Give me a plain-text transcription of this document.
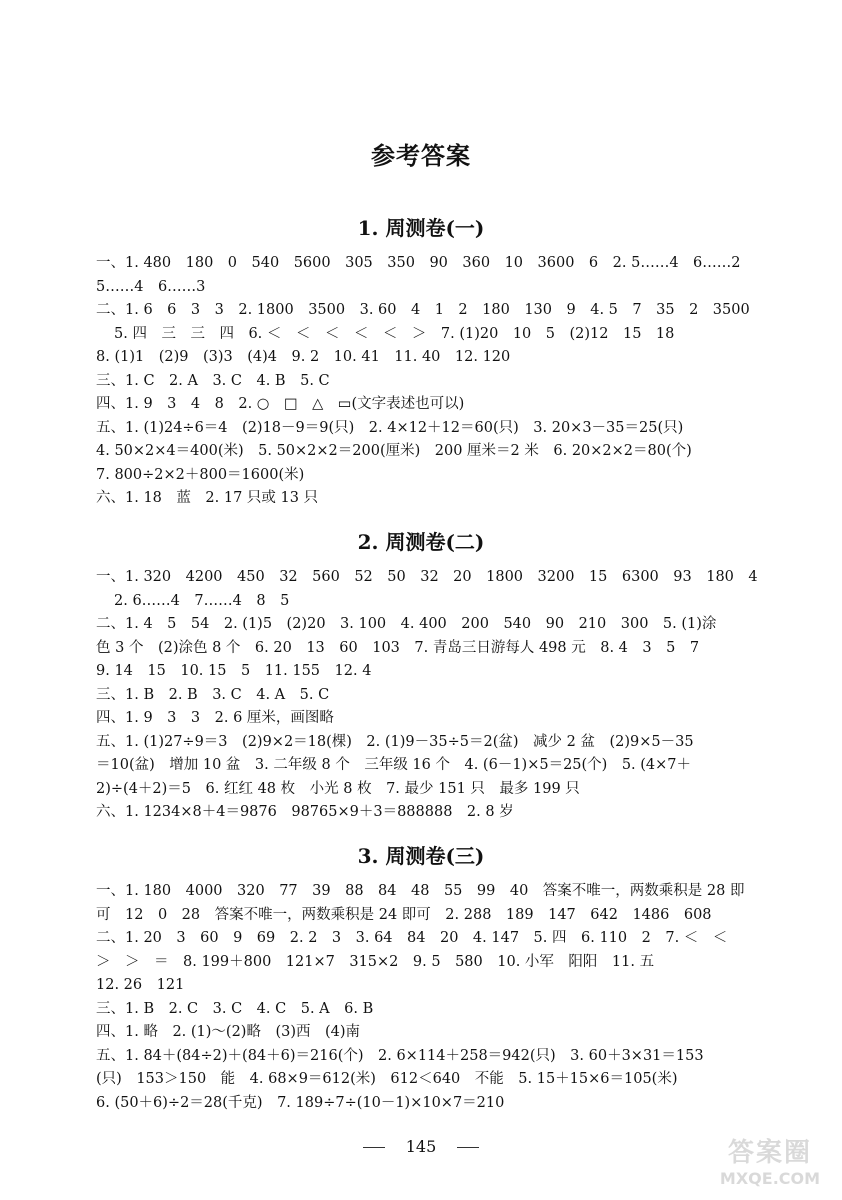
参考答案
1. 周测卷(一)
一、1. 480　180　0　540　5600　305　350　90　360　10　3600　6　2. 5……4　6……2
5……4　6……3
二、1. 6　6　3　3　2. 1800　3500　3. 60　4　1　2　180　130　9　4. 5　7　35　2　3500
5. 四　三　三　四　6. ＜　＜　＜　＜　＜　＞　7. (1)20　10　5　(2)12　15　18
8. (1)1　(2)9　(3)3　(4)4　9. 2　10. 41　11. 40　12. 120
三、1. C　2. A　3. C　4. B　5. C
四、1. 9　3　4　8　2. ○　□　△　▭(文字表述也可以)
五、1. (1)24÷6＝4　(2)18－9＝9(只)　2. 4×12＋12＝60(只)　3. 20×3－35＝25(只)
4. 50×2×4＝400(米)　5. 50×2×2＝200(厘米)　200 厘米＝2 米　6. 20×2×2＝80(个)
7. 800÷2×2＋800＝1600(米)
六、1. 18　蓝　2. 17 只或 13 只
2. 周测卷(二)
一、1. 320　4200　450　32　560　52　50　32　20　1800　3200　15　6300　93　180　4
2. 6……4　7……4　8　5
二、1. 4　5　54　2. (1)5　(2)20　3. 100　4. 400　200　540　90　210　300　5. (1)涂
色 3 个　(2)涂色 8 个　6. 20　13　60　103　7. 青岛三日游每人 498 元　8. 4　3　5　7
9. 14　15　10. 15　5　11. 155　12. 4
三、1. B　2. B　3. C　4. A　5. C
四、1. 9　3　3　2. 6 厘米，画图略
五、1. (1)27÷9＝3　(2)9×2＝18(棵)　2. (1)9－35÷5＝2(盆)　减少 2 盆　(2)9×5－35
＝10(盆)　增加 10 盆　3. 二年级 8 个　三年级 16 个　4. (6－1)×5＝25(个)　5. (4×7＋
2)÷(4＋2)＝5　6. 红红 48 枚　小光 8 枚　7. 最少 151 只　最多 199 只
六、1. 1234×8＋4＝9876　98765×9＋3＝888888　2. 8 岁
3. 周测卷(三)
一、1. 180　4000　320　77　39　88　84　48　55　99　40　答案不唯一，两数乘积是 28 即
可　12　0　28　答案不唯一，两数乘积是 24 即可　2. 288　189　147　642　1486　608
二、1. 20　3　60　9　69　2. 2　3　3. 64　84　20　4. 147　5. 四　6. 110　2　7. ＜　＜
＞　＞　＝　8. 199＋800　121×7　315×2　9. 5　580　10. 小军　阳阳　11. 五
12. 26　121
三、1. B　2. C　3. C　4. C　5. A　6. B
四、1. 略　2. (1)～(2)略　(3)西　(4)南
五、1. 84＋(84÷2)＋(84＋6)＝216(个)　2. 6×114＋258＝942(只)　3. 60＋3×31＝153
(只)　153＞150　能　4. 68×9＝612(米)　612＜640　不能　5. 15＋15×6＝105(米)
6. (50＋6)÷2＝28(千克)　7. 189÷7÷(10－1)×10×7＝210
145	答案圈
MXQE.COM
